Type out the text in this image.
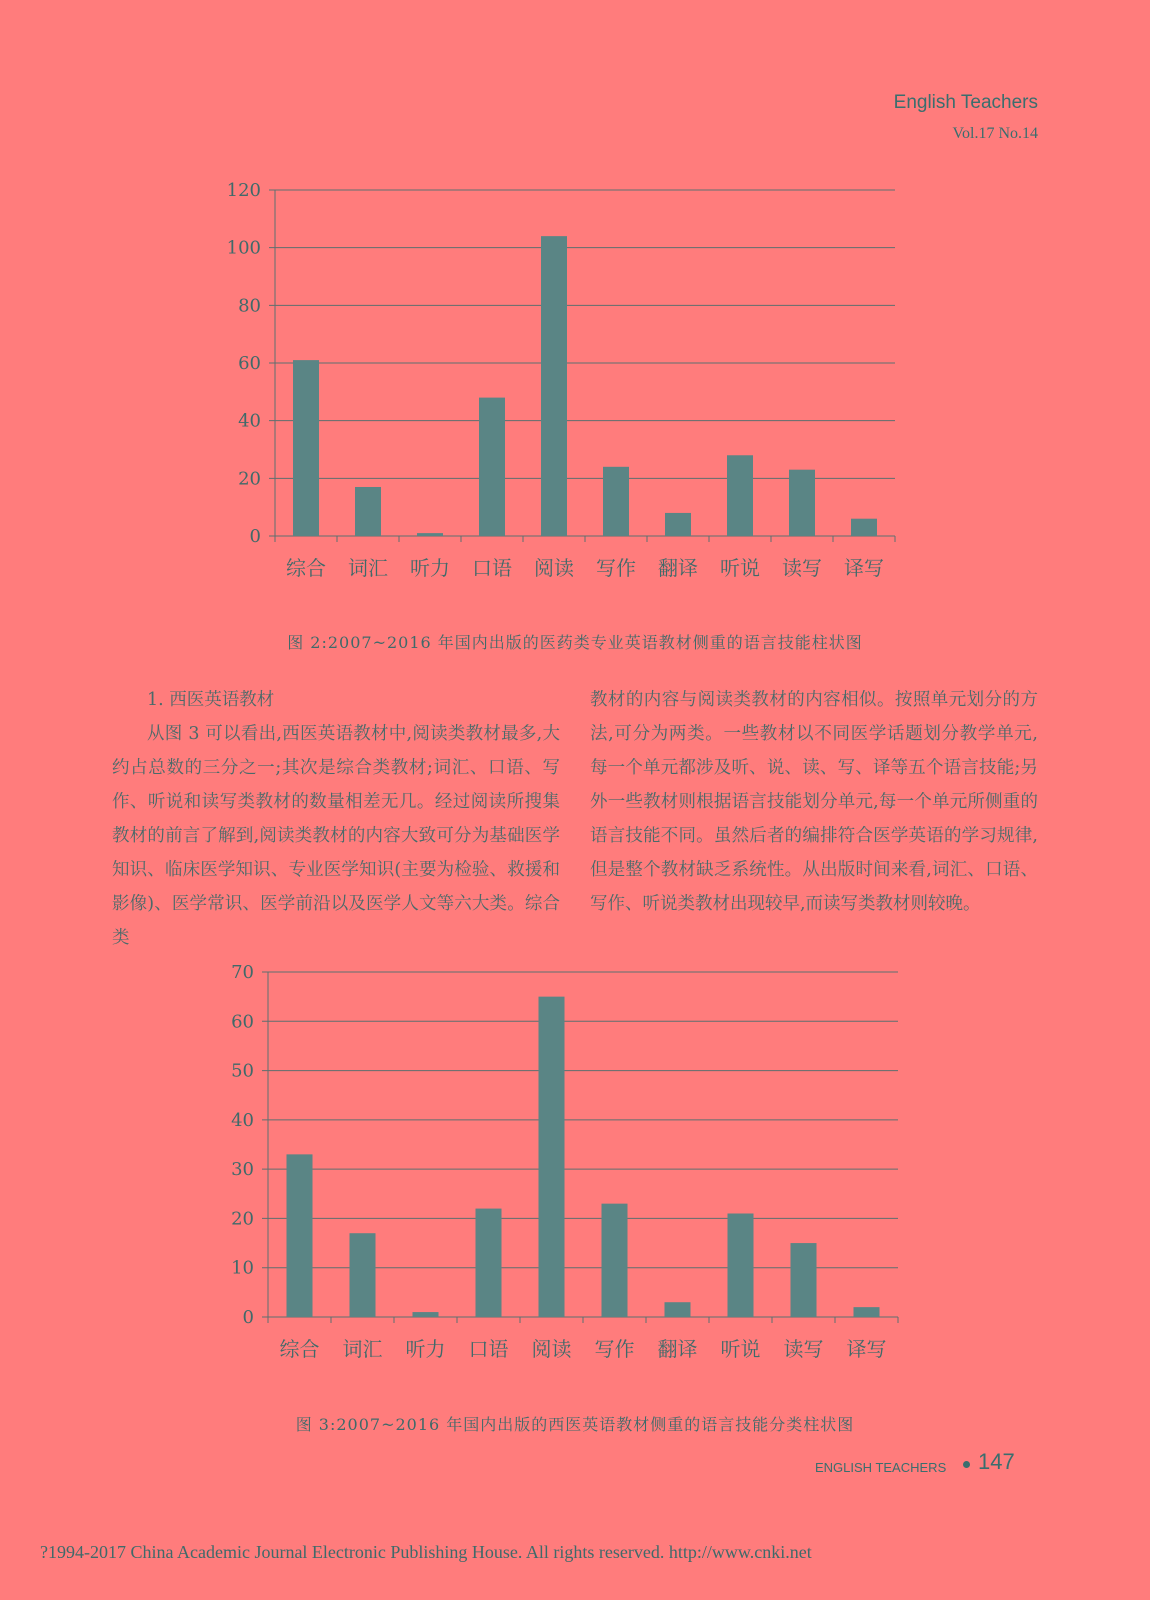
English Teachers
Vol.17 No.14
0
20
40
60
80
100
120
综合 词汇 听力 口语 阅读 写作 翻译 听说 读写 译写
图 2:2007~2016 年国内出版的医药类专业英语教材侧重的语言技能柱状图

1. 西医英语教材

从图 3 可以看出,西医英语教材中,阅读类教材最多,大约占总数的三分之一;其次是综合类教材;词汇、口语、写作、听说和读写类教材的数量相差无几。经过阅读所搜集教材的前言了解到,阅读类教材的内容大致可分为基础医学知识、临床医学知识、专业医学知识(主要为检验、救援和影像)、医学常识、医学前沿以及医学人文等六大类。综合类

教材的内容与阅读类教材的内容相似。按照单元划分的方法,可分为两类。一些教材以不同医学话题划分教学单元,每一个单元都涉及听、说、读、写、译等五个语言技能;另外一些教材则根据语言技能划分单元,每一个单元所侧重的语言技能不同。虽然后者的编排符合医学英语的学习规律,但是整个教材缺乏系统性。从出版时间来看,词汇、口语、写作、听说类教材出现较早,而读写类教材则较晚。

0
10
20
30
40
50
60
70
综合 词汇 听力 口语 阅读 写作 翻译 听说 读写 译写
图 3:2007~2016 年国内出版的西医英语教材侧重的语言技能分类柱状图
ENGLISH TEACHERS 147
?1994-2017 China Academic Journal Electronic Publishing House. All rights reserved. http://www.cnki.net
